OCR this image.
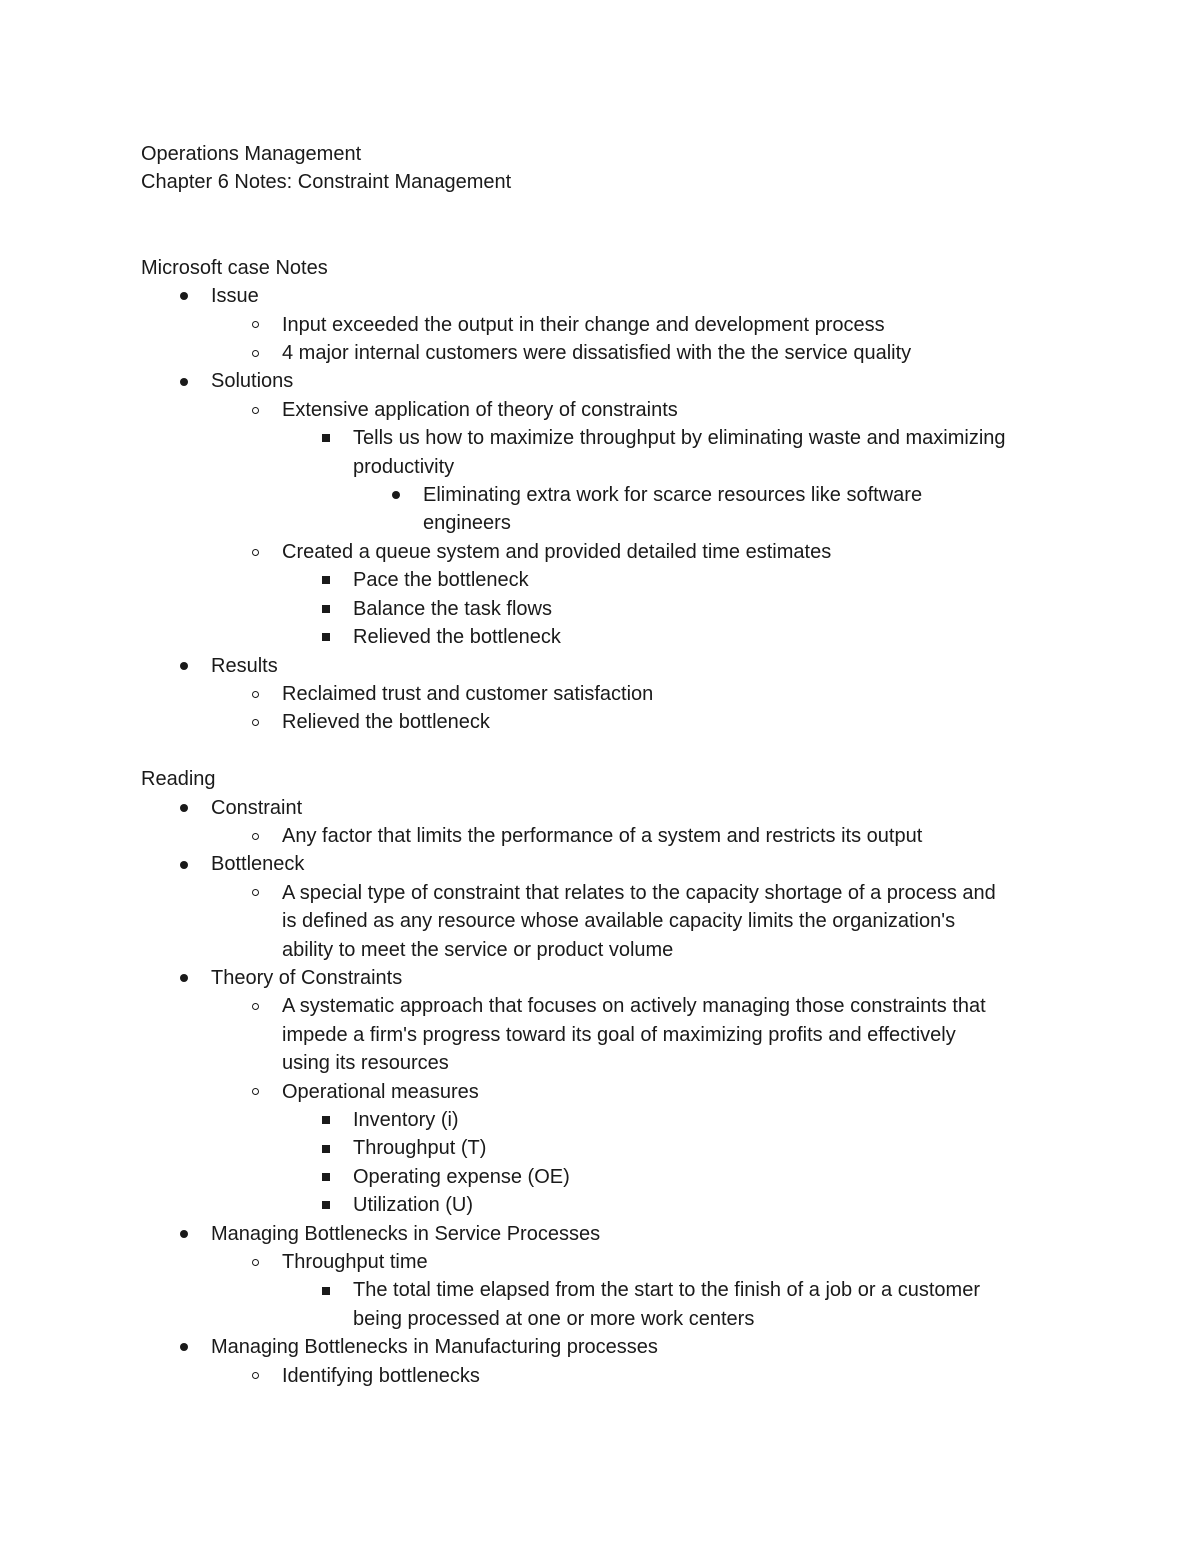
Operations Management

Chapter 6 Notes: Constraint Management

Microsoft case Notes

Issue
Input exceeded the output in their change and development process
4 major internal customers were dissatisfied with the the service quality
Solutions
Extensive application of theory of constraints
Tells us how to maximize throughput by eliminating waste and maximizing
productivity
Eliminating extra work for scarce resources like software
engineers
Created a queue system and provided detailed time estimates
Pace the bottleneck
Balance the task flows
Relieved the bottleneck
Results
Reclaimed trust and customer satisfaction
Relieved the bottleneck

Reading

Constraint
Any factor that limits the performance of a system and restricts its output
Bottleneck
A special type of constraint that relates to the capacity shortage of a process and
is defined as any resource whose available capacity limits the organization's
ability to meet the service or product volume
Theory of Constraints
A systematic approach that focuses on actively managing those constraints that
impede a firm's progress toward its goal of maximizing profits and effectively
using its resources
Operational measures
Inventory (i)
Throughput (T)
Operating expense (OE)
Utilization (U)
Managing Bottlenecks in Service Processes
Throughput time
The total time elapsed from the start to the finish of a job or a customer
being processed at one or more work centers
Managing Bottlenecks in Manufacturing processes
Identifying bottlenecks
